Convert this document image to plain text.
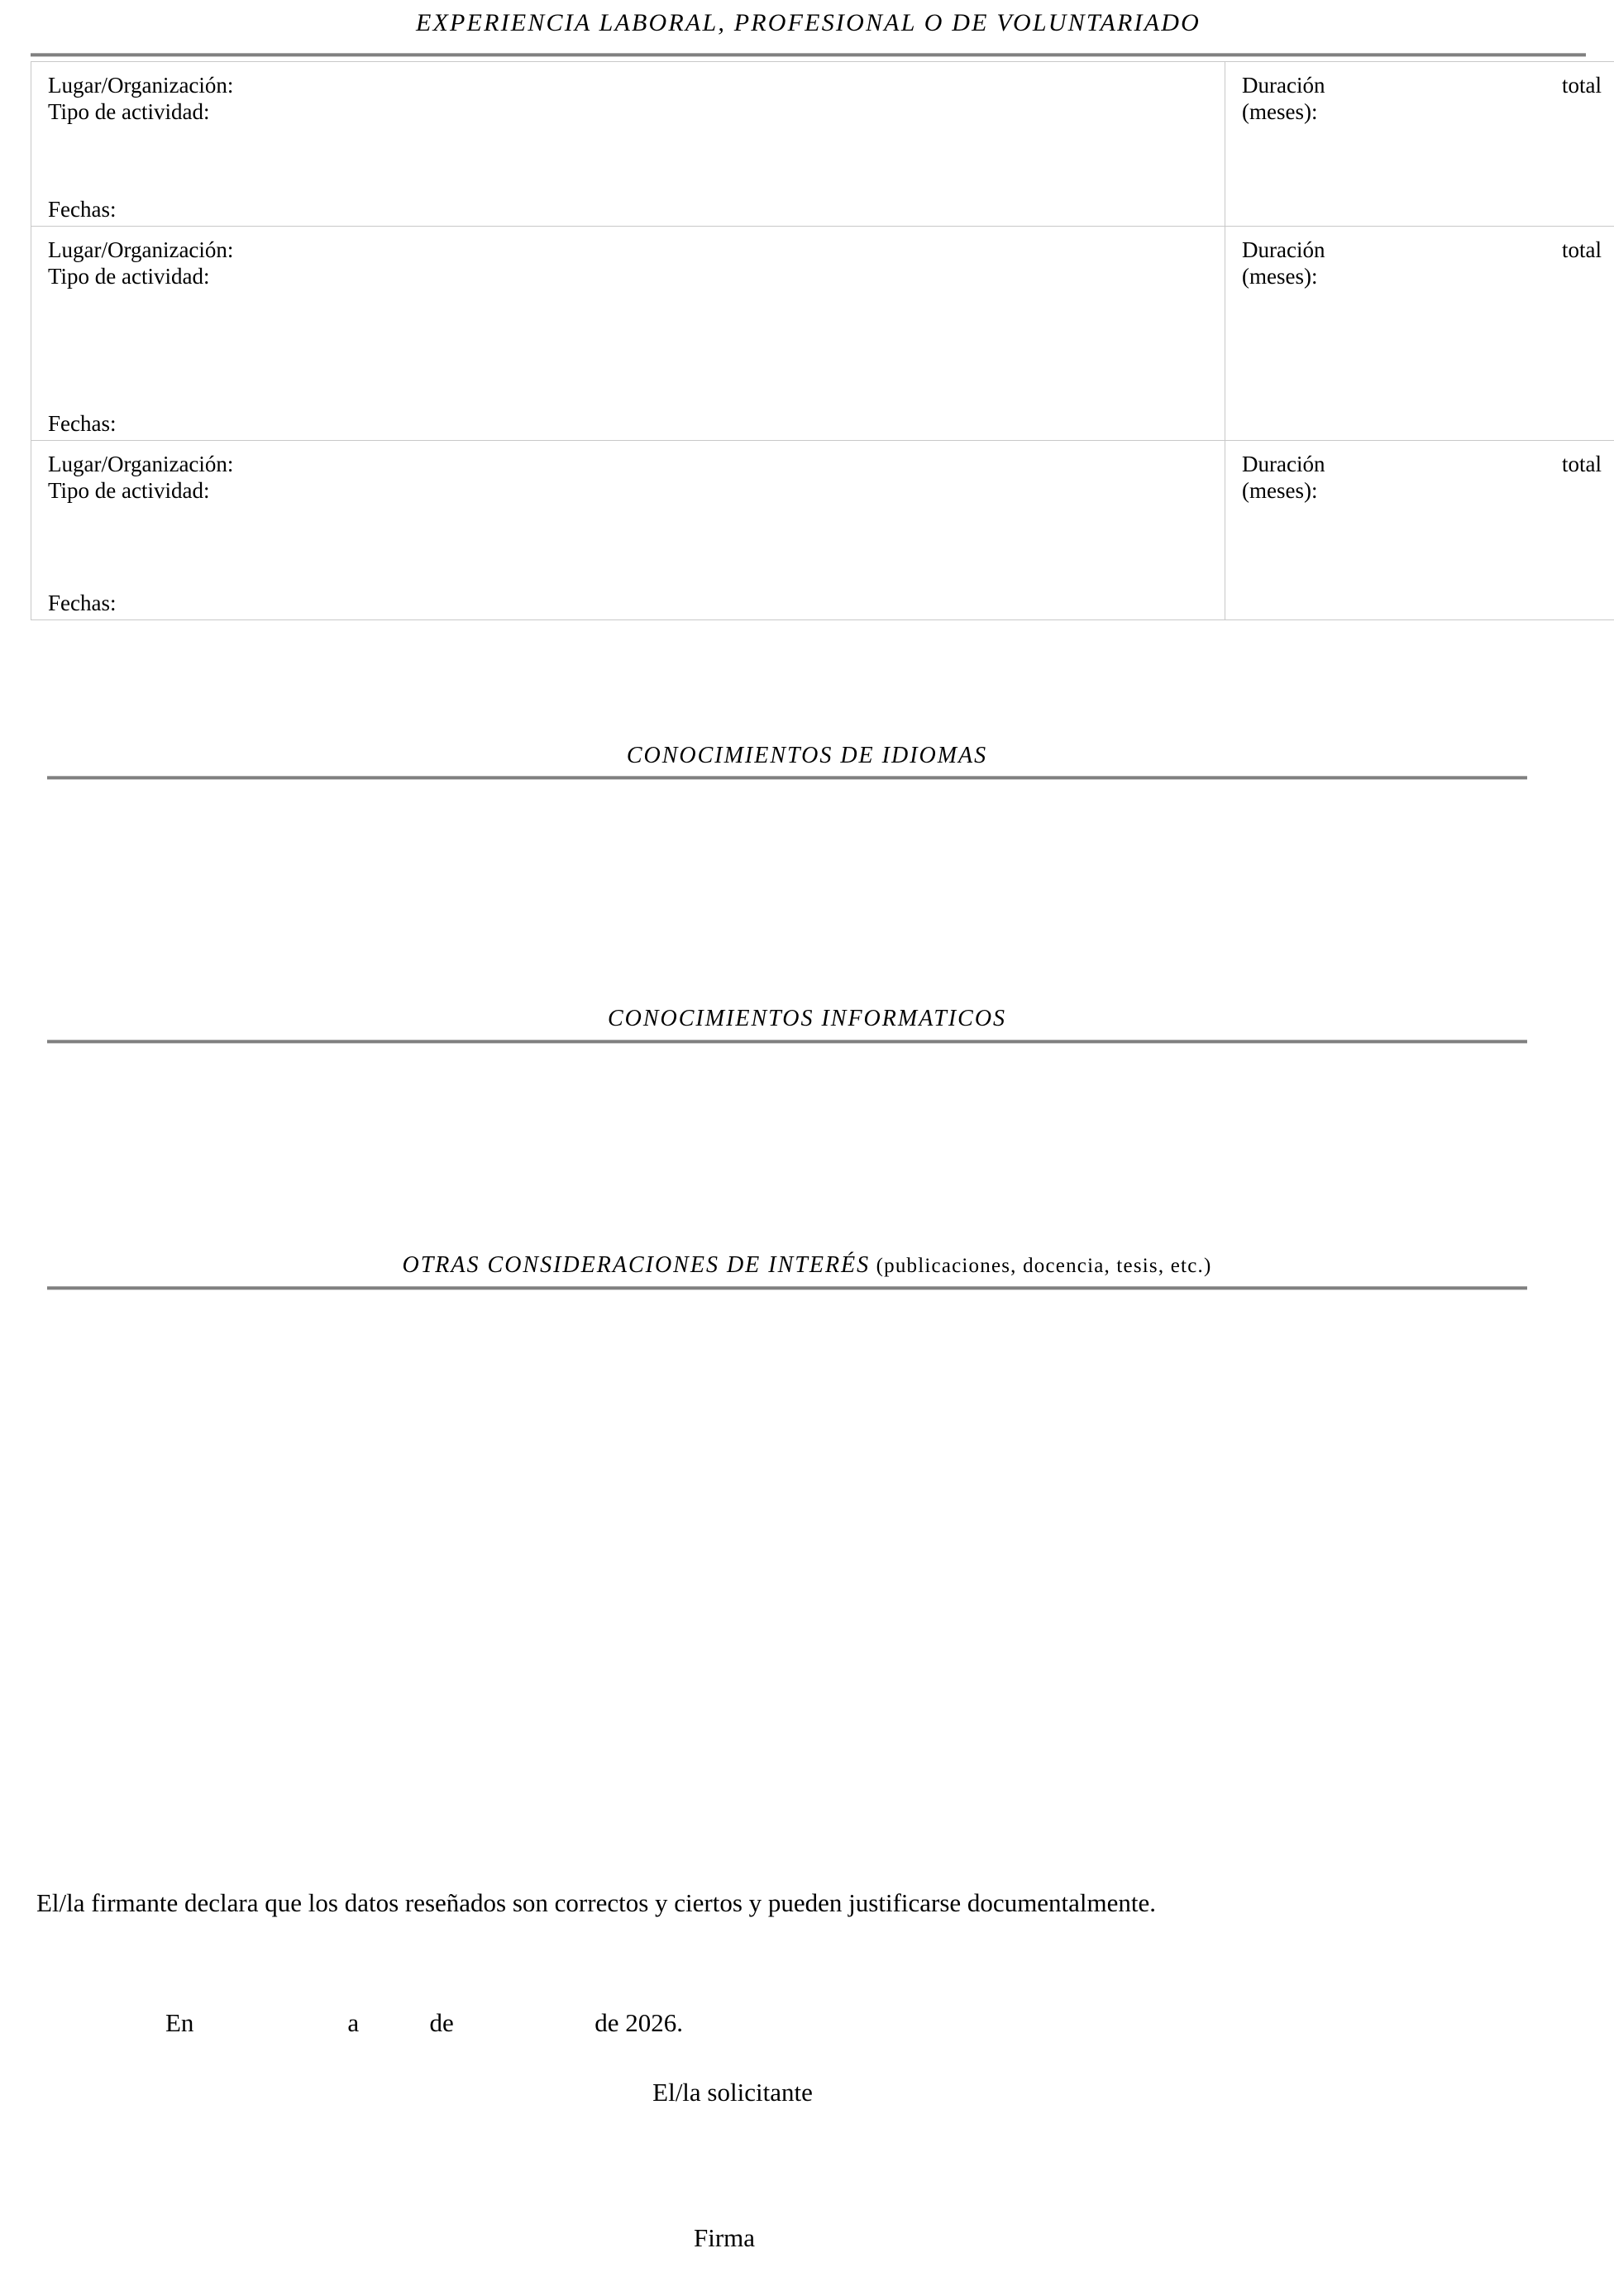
EXPERIENCIA LABORAL, PROFESIONAL O DE VOLUNTARIADO
Lugar/Organización:
Tipo de actividad:
Fechas:

Duración	total
(meses):

Lugar/Organización:
Tipo de actividad:
Fechas:

Duración	total
(meses):

Lugar/Organización:
Tipo de actividad:
Fechas:

Duración	total
(meses):
CONOCIMIENTOS DE IDIOMAS
CONOCIMIENTOS INFORMATICOS
OTRAS CONSIDERACIONES DE INTERÉS (publicaciones, docencia, tesis, etc.)
El/la firmante declara que los datos reseñados son correctos y ciertos y pueden justificarse documentalmente.
En                        a           de                      de 2026.
El/la solicitante
Firma
